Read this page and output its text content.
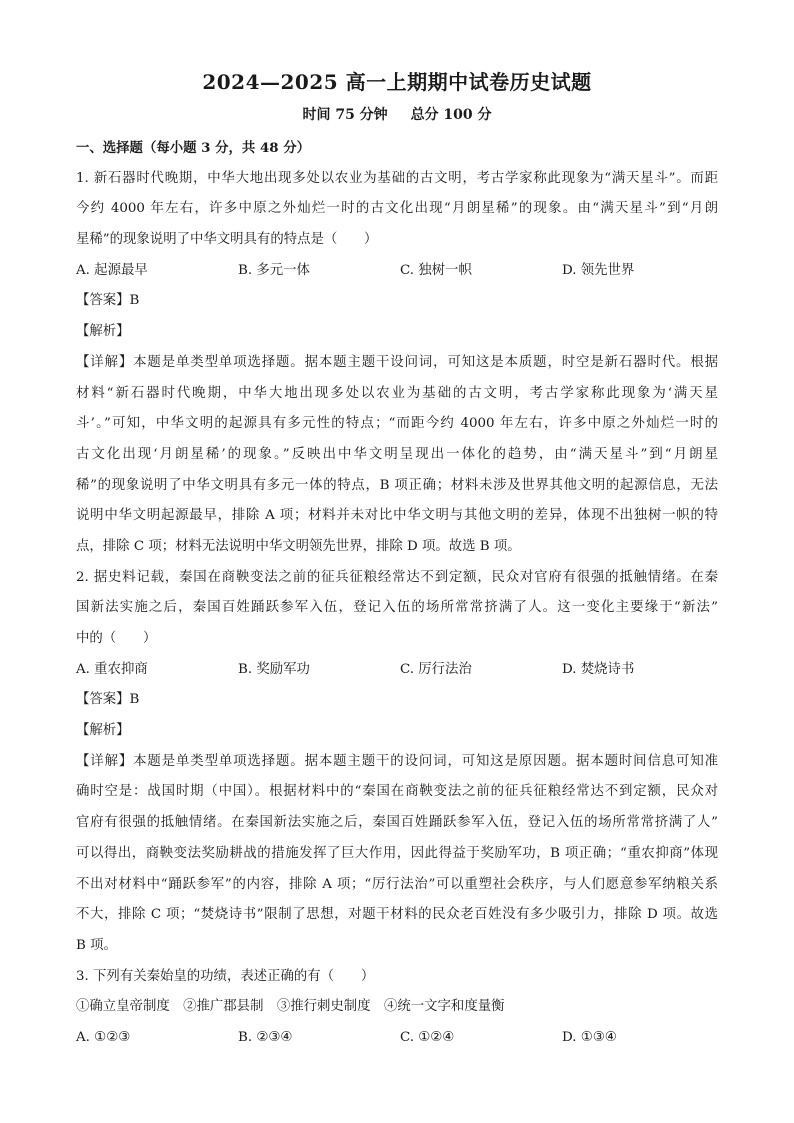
2024—2025 高一上期期中试卷历史试题
时间 75 分钟 总分 100 分
一、选择题（每小题 3 分，共 48 分）
1. 新石器时代晚期，中华大地出现多处以农业为基础的古文明，考古学家称此现象为“满天星斗”。而距
今约 4000 年左右，许多中原之外灿烂一时的古文化出现“月朗星稀”的现象。由“满天星斗”到“月朗
星稀”的现象说明了中华文明具有的特点是（　　）
A. 起源最早	B. 多元一体	C. 独树一帜	D. 领先世界
【答案】B
【解析】
【详解】本题是单类型单项选择题。据本题主题干设问词，可知这是本质题，时空是新石器时代。根据
材料“新石器时代晚期，中华大地出现多处以农业为基础的古文明，考古学家称此现象为‘满天星
斗’。”可知，中华文明的起源具有多元性的特点；“而距今约 4000 年左右，许多中原之外灿烂一时的
古文化出现‘月朗星稀’的现象。”反映出中华文明呈现出一体化的趋势，由“满天星斗”到“月朗星
稀”的现象说明了中华文明具有多元一体的特点，B 项正确；材料未涉及世界其他文明的起源信息，无法
说明中华文明起源最早，排除 A 项；材料并未对比中华文明与其他文明的差异，体现不出独树一帜的特
点，排除 C 项；材料无法说明中华文明领先世界，排除 D 项。故选 B 项。
2. 据史料记载，秦国在商鞅变法之前的征兵征粮经常达不到定额，民众对官府有很强的抵触情绪。在秦
国新法实施之后，秦国百姓踊跃参军入伍，登记入伍的场所常常挤满了人。这一变化主要缘于“新法”
中的（　　）
A. 重农抑商	B. 奖励军功	C. 厉行法治	D. 焚烧诗书
【答案】B
【解析】
【详解】本题是单类型单项选择题。据本题主题干的设问词，可知这是原因题。据本题时间信息可知准
确时空是：战国时期（中国）。根据材料中的“秦国在商鞅变法之前的征兵征粮经常达不到定额，民众对
官府有很强的抵触情绪。在秦国新法实施之后，秦国百姓踊跃参军入伍，登记入伍的场所常常挤满了人”
可以得出，商鞅变法奖励耕战的措施发挥了巨大作用，因此得益于奖励军功，B 项正确；“重农抑商”体现
不出对材料中“踊跃参军”的内容，排除 A 项；“厉行法治”可以重塑社会秩序，与人们愿意参军纳粮关系
不大，排除 C 项；“焚烧诗书”限制了思想，对题干材料的民众老百姓没有多少吸引力，排除 D 项。故选
B 项。
3. 下列有关秦始皇的功绩，表述正确的有（　　）
①确立皇帝制度　②推广郡县制　③推行刺史制度　④统一文字和度量衡
A. ①②③	B. ②③④	C. ①②④	D. ①③④
